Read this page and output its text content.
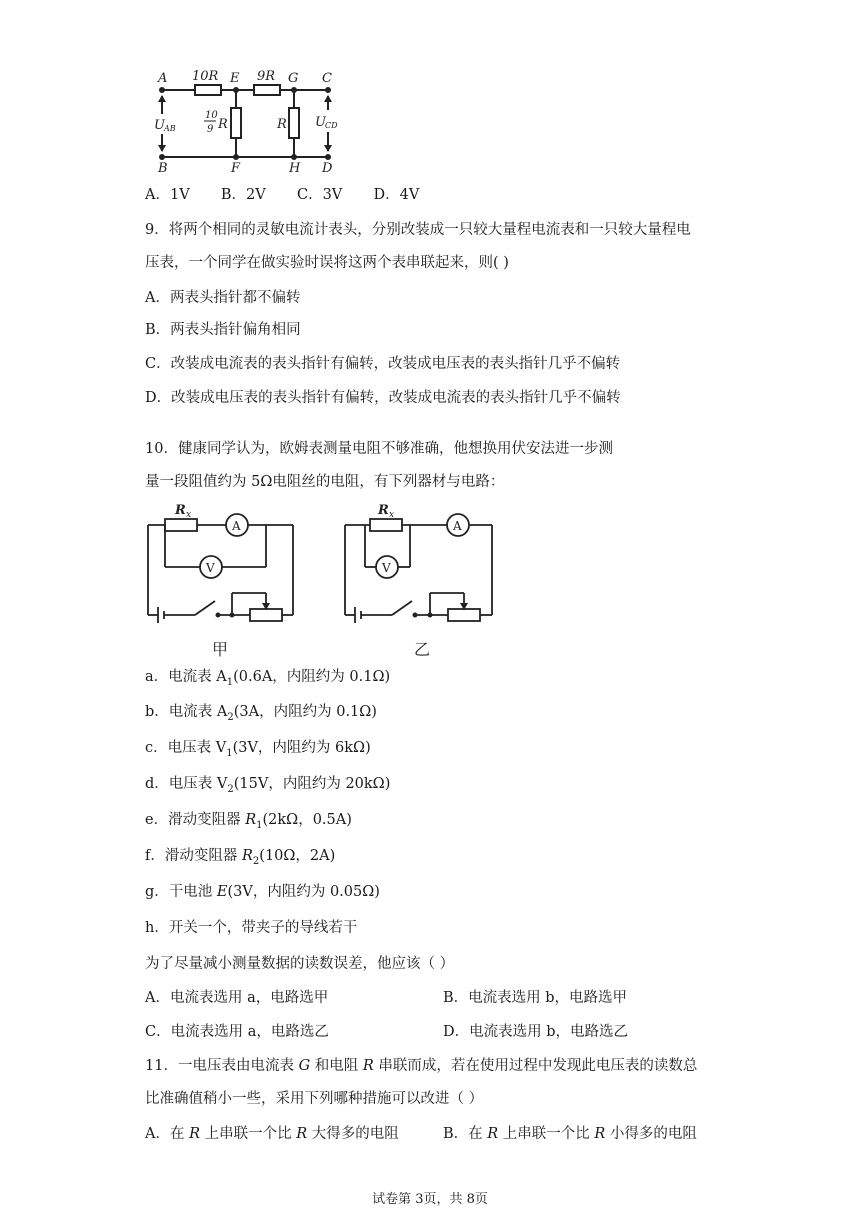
A 10R E 9R G C
U AB
10
9 R	R U CD
B	F	H D
A．1V B．2V C．3V D．4V
9．将两个相同的灵敏电流计表头，分别改装成一只较大量程电流表和一只较大量程电
压表，一个同学在做实验时误将这两个表串联起来，则( )
A．两表头指针都不偏转
B．两表头指针偏角相同
C．改装成电流表的表头指针有偏转，改装成电压表的表头指针几乎不偏转
D．改装成电压表的表头指针有偏转，改装成电流表的表头指针几乎不偏转
10．健康同学认为，欧姆表测量电阻不够准确，他想换用伏安法进一步测
量一段阻值约为 5Ω电阻丝的电阻，有下列器材与电路：
R x
A
V
甲
R x
A
V
乙
a．电流表 $A_1(0.6A$，内阻约为 0.1Ω)
b．电流表 $A_2(3A$，内阻约为 0.1Ω)
c．电压表 $V_1(3V$，内阻约为 6kΩ)
d．电压表 $V_2(15V$，内阻约为 20kΩ)
e．滑动变阻器 $R_1(2k\Omega$，0.5A)
f．滑动变阻器 $R_2(10\Omega$，2A)
g．干电池 E(3V，内阻约为 0.05Ω)
h．开关一个，带夹子的导线若干
为了尽量减小测量数据的读数误差，他应该（ ）
A．电流表选用 a，电路选甲	B．电流表选用 b，电路选甲
C．电流表选用 a，电路选乙	D．电流表选用 b，电路选乙
11．一电压表由电流表 G 和电阻 R 串联而成，若在使用过程中发现此电压表的读数总
比准确值稍小一些，采用下列哪种措施可以改进（ ）
A．在 R 上串联一个比 R 大得多的电阻	B．在 R 上串联一个比 R 小得多的电阻
试卷第 3页，共 8页
